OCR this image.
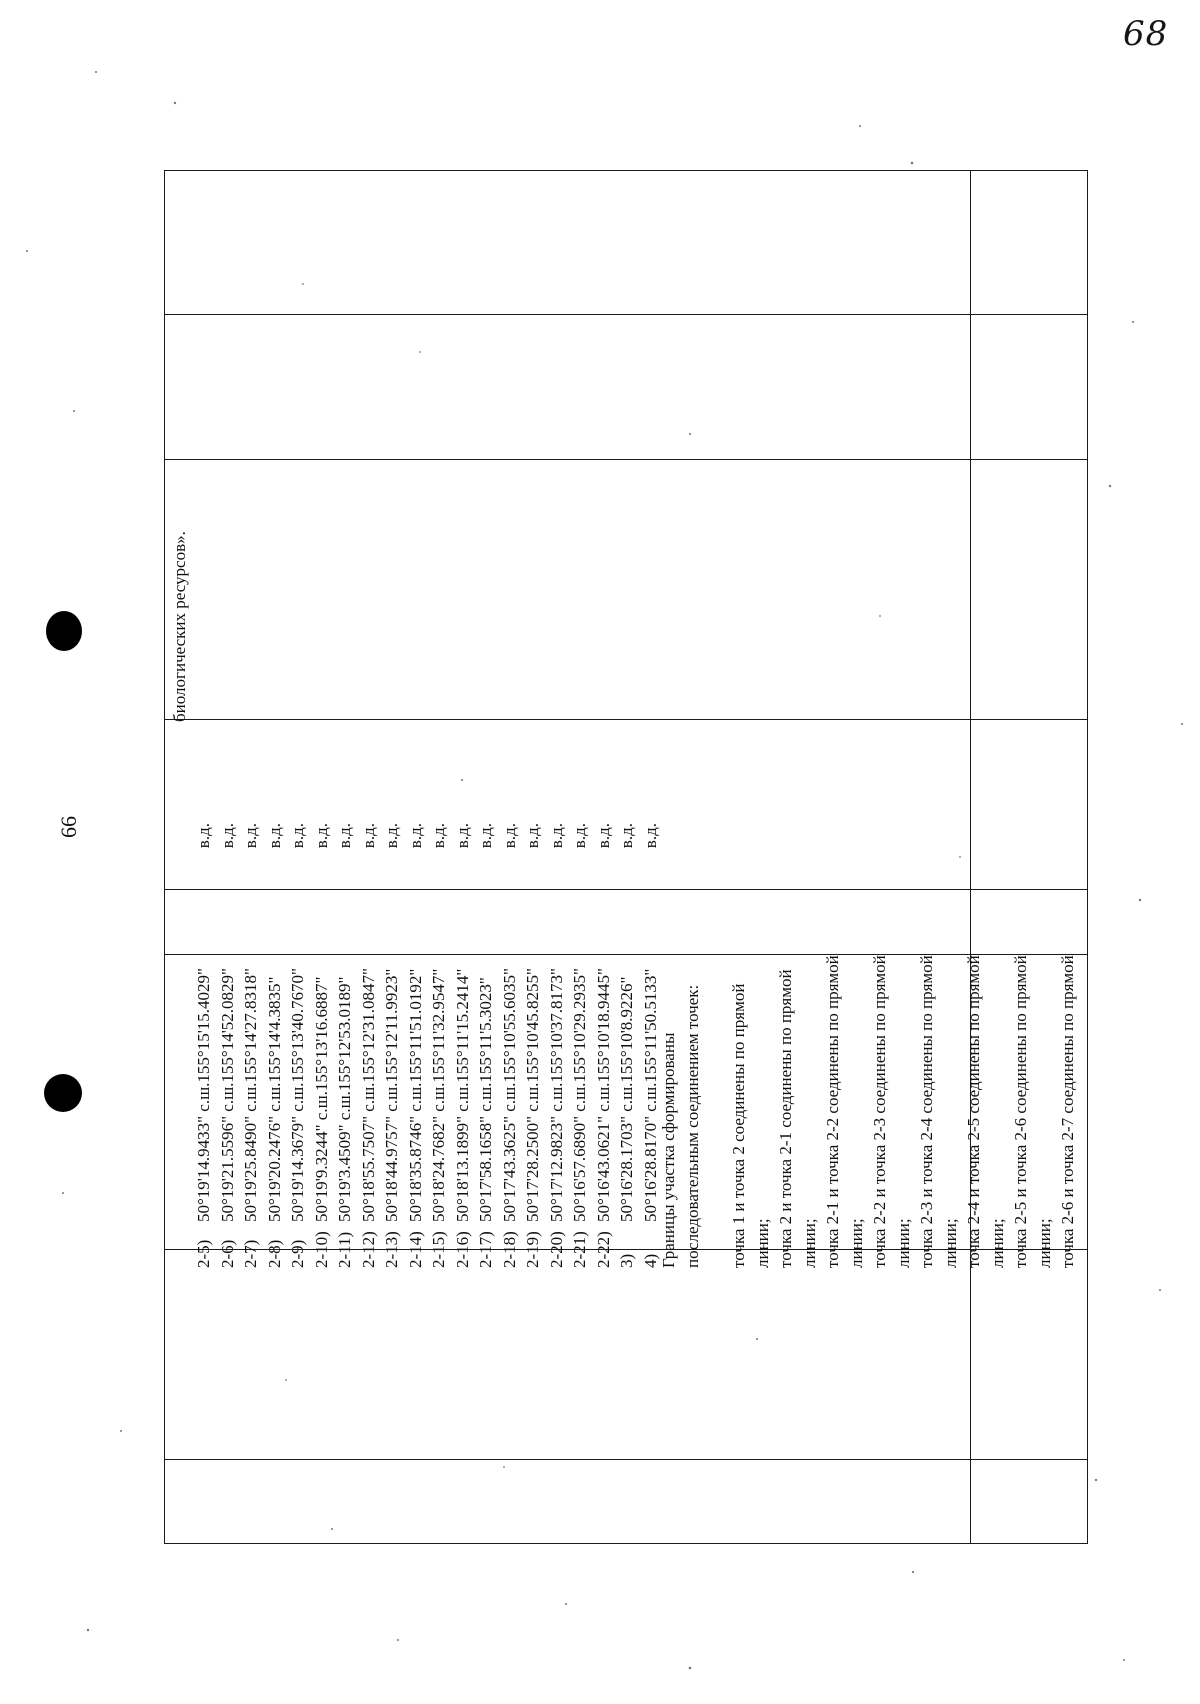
68
66
биологических ресурсов».
2-5)
50°19'14.9433" с.ш.155°15'15.4029"
в.д.
2-6)
50°19'21.5596" с.ш.155°14'52.0829"
в.д.
2-7)
50°19'25.8490" с.ш.155°14'27.8318"
в.д.
2-8)
50°19'20.2476" с.ш.155°14'4.3835"
в.д.
2-9)
50°19'14.3679" с.ш.155°13'40.7670"
в.д.
2-10)
50°19'9.3244" с.ш.155°13'16.6887"
в.д.
2-11)
50°19'3.4509" с.ш.155°12'53.0189"
в.д.
2-12)
50°18'55.7507" с.ш.155°12'31.0847"
в.д.
2-13)
50°18'44.9757" с.ш.155°12'11.9923"
в.д.
2-14)
50°18'35.8746" с.ш.155°11'51.0192"
в.д.
2-15)
50°18'24.7682" с.ш.155°11'32.9547"
в.д.
2-16)
50°18'13.1899" с.ш.155°11'15.2414"
в.д.
2-17)
50°17'58.1658" с.ш.155°11'5.3023"
в.д.
2-18)
50°17'43.3625" с.ш.155°10'55.6035"
в.д.
2-19)
50°17'28.2500" с.ш.155°10'45.8255"
в.д.
2-20)
50°17'12.9823" с.ш.155°10'37.8173"
в.д.
2-21)
50°16'57.6890" с.ш.155°10'29.2935"
в.д.
2-22)
50°16'43.0621" с.ш.155°10'18.9445"
в.д.
3)
50°16'28.1703" с.ш.155°10'8.9226"
в.д.
4)
50°16'28.8170" с.ш.155°11'50.5133"
в.д.
Границы участка сформированы последовательным соединением точек: точка 1 и точка 2 соединены по прямой линии; точка 2 и точка 2-1 соединены по прямой линии; точка 2-1 и точка 2-2 соединены по прямой линии; точка 2-2 и точка 2-3 соединены по прямой линии; точка 2-3 и точка 2-4 соединены по прямой линии; точка 2-4 и точка 2-5 соединены по прямой линии; точка 2-5 и точка 2-6 соединены по прямой линии; точка 2-6 и точка 2-7 соединены по прямой
